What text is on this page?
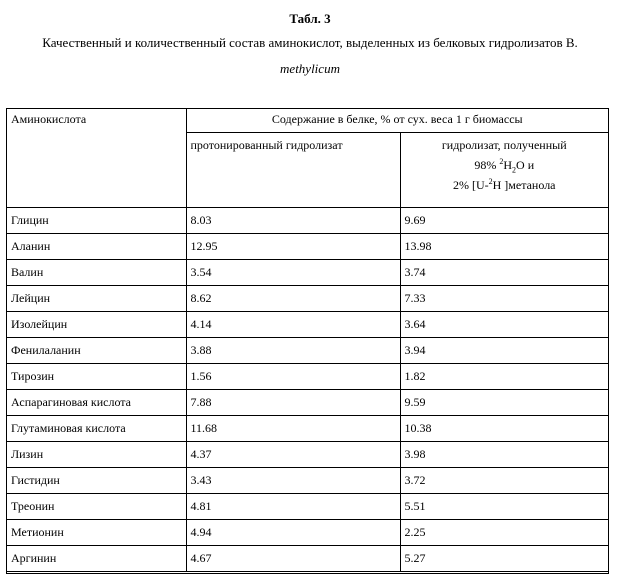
Табл. 3
Качественный и количественный состав аминокислот, выделенных из белковых гидролизатов B.
methylicum
Аминокислота	Содержание в белке, % от сух. веса 1 г биомассы	
	протонированный гидролизат	гидролизат, полученный
98% $^2H_2O$ и
2% [U-$^2$H ]метанола

Глицин	8.03	9.69
Аланин	12.95	13.98
Валин	3.54	3.74
Лейцин	8.62	7.33
Изолейцин	4.14	3.64
Фенилаланин	3.88	3.94
Тирозин	1.56	1.82
Аспарагиновая кислота	7.88	9.59
Глутаминовая кислота	11.68	10.38
Лизин	4.37	3.98
Гистидин	3.43	3.72
Треонин	4.81	5.51
Метионин	4.94	2.25
Аргинин	4.67	5.27
